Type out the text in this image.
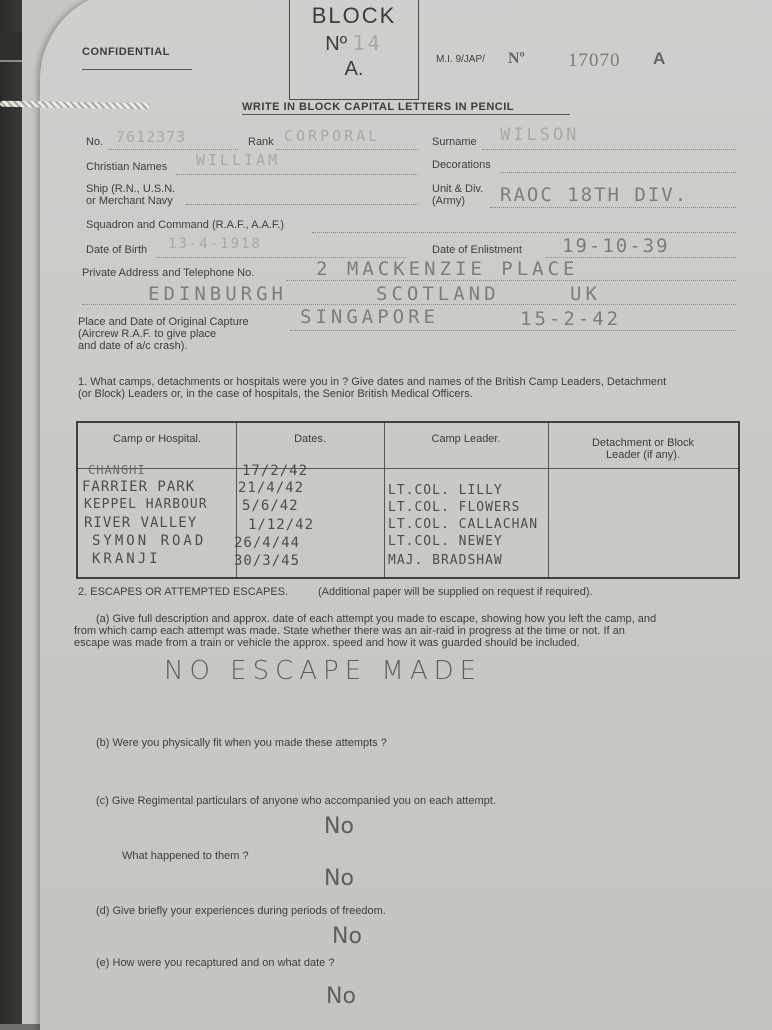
CONFIDENTIAL
BLOCK
Nº 14
A.	M.I. 9/JAP/ Nº 17070 A
WRITE IN BLOCK CAPITAL LETTERS IN PENCIL
No. 7612373	Rank CORPORAL	Surname WILSON
Christian Names WILLIAM	Decorations
Ship (R.N., U.S.N.
or Merchant Navy
Unit & Div.
(Army)	RAOC 18TH DIV.
Squadron and Command (R.A.F., A.A.F.)
Date of Birth 13-4-1918	Date of Enlistment 19-10-39
Private Address and Telephone No.	2 MACKENZIE PLACE
EDINBURGH	SCOTLAND	UK
Place and Date of Original Capture
(Aircrew R.A.F. to give place
and date of a/c crash).
SINGAPORE	15-2-42
1. What camps, detachments or hospitals were you in ? Give dates and names of the British Camp Leaders, Detachment
(or Block) Leaders or, in the case of hospitals, the Senior British Medical Officers.
Camp or Hospital.	Dates.	Camp Leader.	Detachment or Block
Leader (if any).
CHANGHI	17/2/42
FARRIER PARK	21/4/42	LT.COL. LILLY
KEPPEL HARBOUR 5/6/42	LT.COL. FLOWERS
RIVER VALLEY	1/12/42	LT.COL. CALLACHAN
SYMON ROAD 26/4/44	LT.COL. NEWEY
KRANJI	30/3/45	MAJ. BRADSHAW
2. ESCAPES OR ATTEMPTED ESCAPES.	(Additional paper will be supplied on request if required).
(a) Give full description and approx. date of each attempt you made to escape, showing how you left the camp, and
from which camp each attempt was made. State whether there was an air-raid in progress at the time or not. If an
escape was made from a train or vehicle the approx. speed and how it was guarded should be included.
NO ESCAPE MADE
(b) Were you physically fit when you made these attempts ?
(c) Give Regimental particulars of anyone who accompanied you on each attempt.
No
What happened to them ?
No
(d) Give briefly your experiences during periods of freedom.
No
(e) How were you recaptured and on what date ?
No
